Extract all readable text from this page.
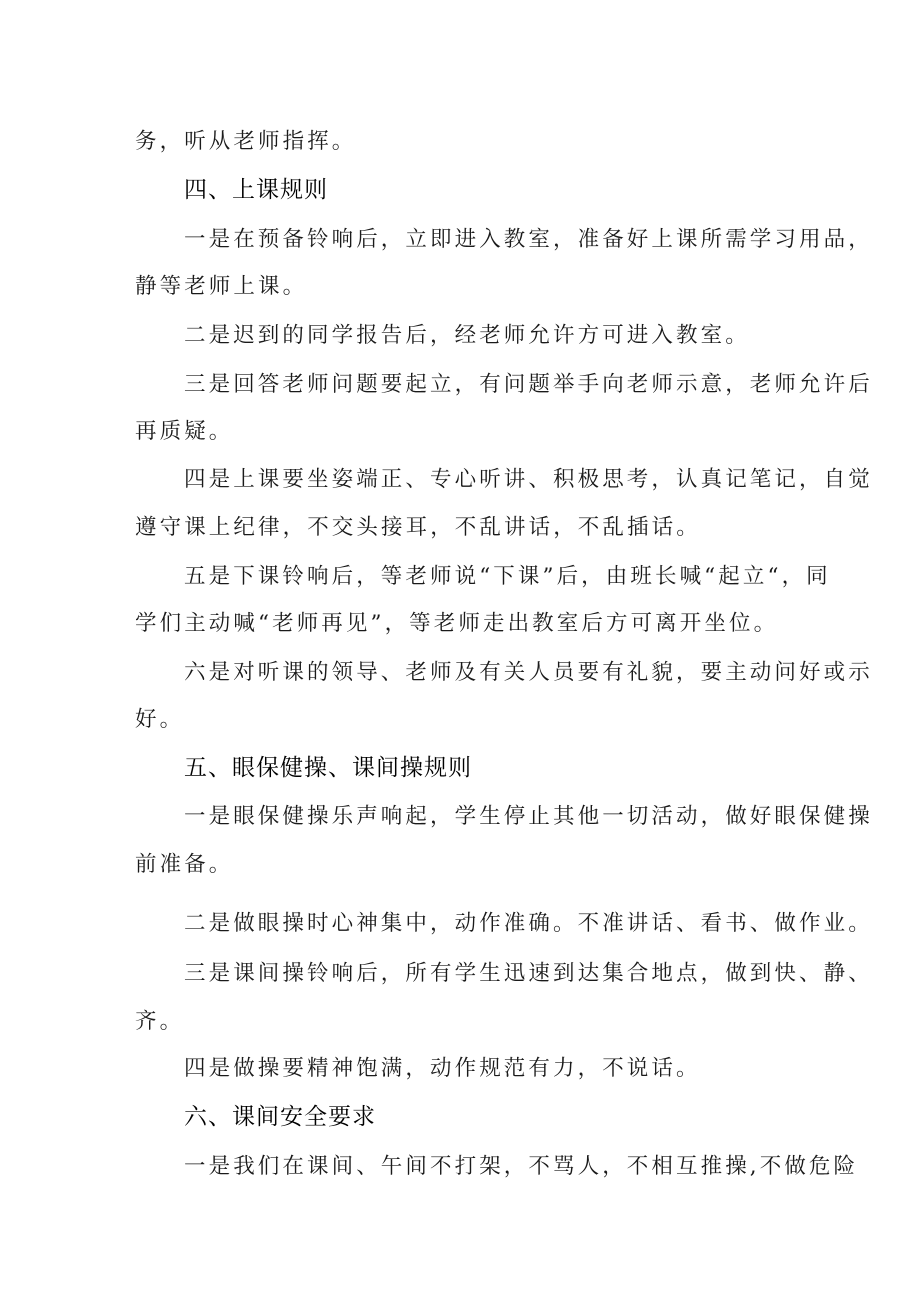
务，听从老师指挥。
四、上课规则
一是在预备铃响后，立即进入教室，准备好上课所需学习用品，
静等老师上课。
二是迟到的同学报告后，经老师允许方可进入教室。
三是回答老师问题要起立，有问题举手向老师示意，老师允许后
再质疑。
四是上课要坐姿端正、专心听讲、积极思考，认真记笔记，自觉
遵守课上纪律，不交头接耳，不乱讲话，不乱插话。
五是下课铃响后，等老师说“下课”后，由班长喊“起立“，同
学们主动喊“老师再见”，等老师走出教室后方可离开坐位。
六是对听课的领导、老师及有关人员要有礼貌，要主动问好或示
好。
五、眼保健操、课间操规则
一是眼保健操乐声响起，学生停止其他一切活动，做好眼保健操
前准备。
二是做眼操时心神集中，动作准确。不准讲话、看书、做作业。
三是课间操铃响后，所有学生迅速到达集合地点，做到快、静、
齐。
四是做操要精神饱满，动作规范有力，不说话。
六、课间安全要求
一是我们在课间、午间不打架，不骂人，不相互推操,不做危险
